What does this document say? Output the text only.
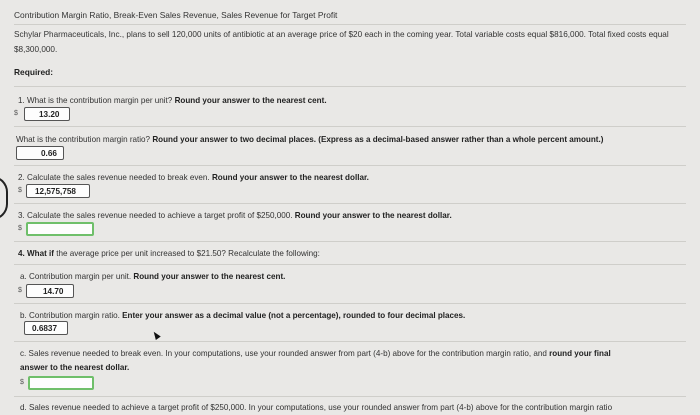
Contribution Margin Ratio, Break-Even Sales Revenue, Sales Revenue for Target Profit
Schylar Pharmaceuticals, Inc., plans to sell 120,000 units of antibiotic at an average price of $20 each in the coming year. Total variable costs equal $816,000. Total fixed costs equal $8,300,000.
Required:
1. What is the contribution margin per unit? Round your answer to the nearest cent.
$	13.20
What is the contribution margin ratio? Round your answer to two decimal places. (Express as a decimal-based answer rather than a whole percent amount.)
0.66
2. Calculate the sales revenue needed to break even. Round your answer to the nearest dollar.
$	12,575,758
3. Calculate the sales revenue needed to achieve a target profit of $250,000. Round your answer to the nearest dollar.
$
4. What if the average price per unit increased to $21.50? Recalculate the following:
a. Contribution margin per unit. Round your answer to the nearest cent.
$	14.70
b. Contribution margin ratio. Enter your answer as a decimal value (not a percentage), rounded to four decimal places.
0.6837
c. Sales revenue needed to break even. In your computations, use your rounded answer from part (4-b) above for the contribution margin ratio, and round your final
answer to the nearest dollar.
$
d. Sales revenue needed to achieve a target profit of $250,000. In your computations, use your rounded answer from part (4-b) above for the contribution margin ratio
